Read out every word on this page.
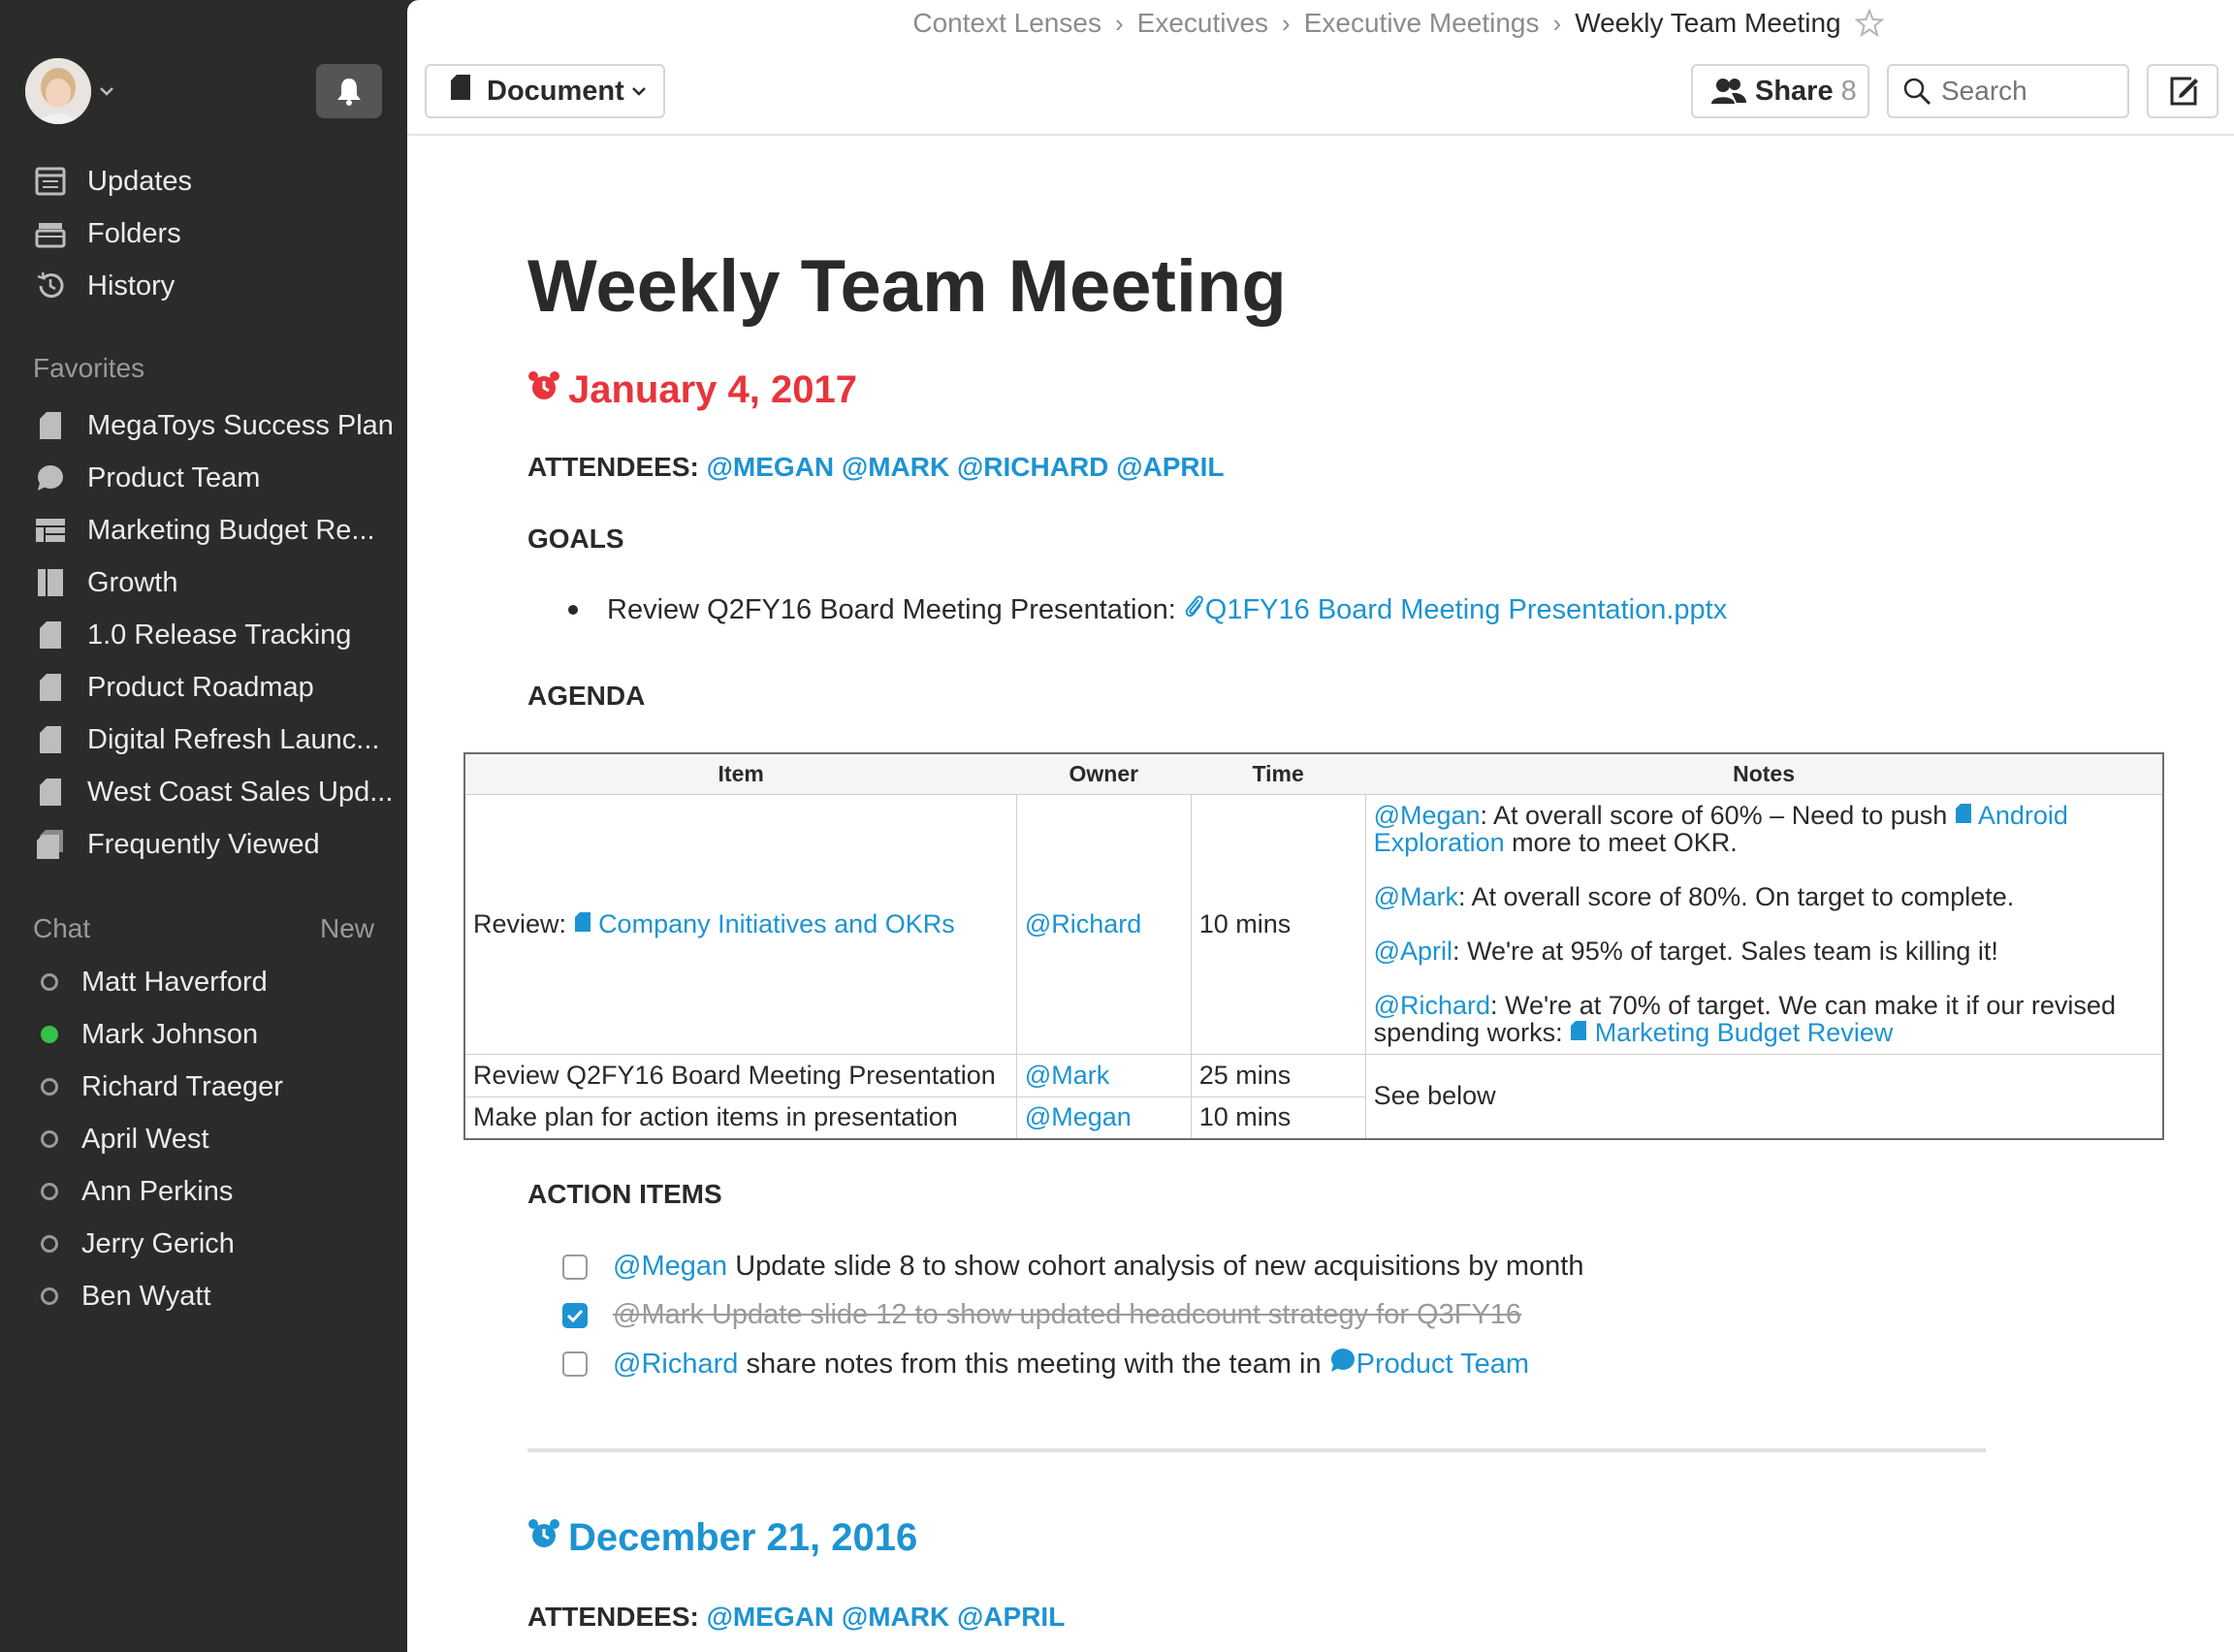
Updates
Folders
History
Favorites
MegaToys Success Plan
Product Team
Marketing Budget Re...
Growth
1.0 Release Tracking
Product Roadmap
Digital Refresh Launc...
West Coast Sales Upd...
Frequently Viewed
Chat	New
Matt Haverford
Mark Johnson
Richard Traeger
April West
Ann Perkins
Jerry Gerich
Ben Wyatt
Context Lenses › Executives › Executive Meetings › Weekly Team Meeting
Document	Share 8
Search
Weekly Team Meeting
January 4, 2017
ATTENDEES: @MEGAN @MARK @RICHARD @APRIL
GOALS
Review Q2FY16 Board Meeting Presentation: Q1FY16 Board Meeting Presentation.pptx
AGENDA
Item	Owner	Time	Notes
Review: Company Initiatives and OKRs	@Richard	10 mins	@Megan: At overall score of 60% – Need to push  Android Exploration more to meet OKR.
@Mark: At overall score of 80%. On target to complete.
@April: We're at 95% of target. Sales team is killing it!
@Richard: We're at 70% of target. We can make it if our revised spending works:  Marketing Budget Review

Review Q2FY16 Board Meeting Presentation	@Mark	25 mins	See below
Make plan for action items in presentation	@Megan	10 mins	
ACTION ITEMS
@Megan
Update slide 8 to show cohort analysis of new acquisitions by month
@Mark Update slide 12 to show updated headcount strategy for Q3FY16
@Richard
share notes from this meeting with the team in
Product Team
December 21, 2016
ATTENDEES: @MEGAN @MARK @APRIL
